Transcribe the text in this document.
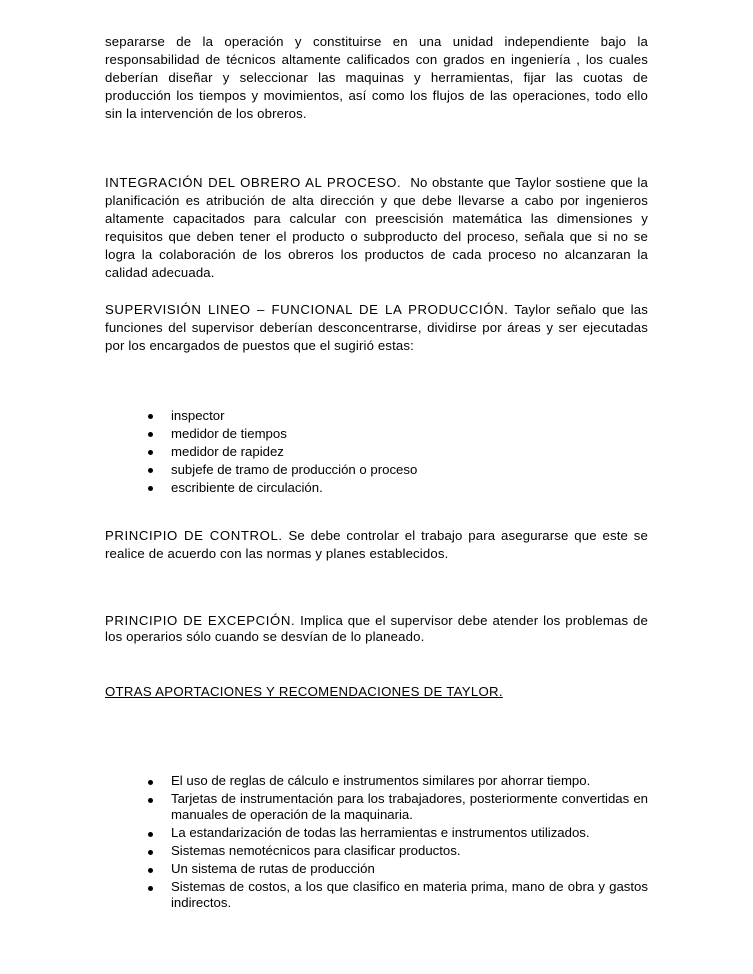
separarse de la operación y constituirse en una unidad independiente bajo la responsabilidad de técnicos altamente calificados con grados en ingeniería , los cuales deberían diseñar y seleccionar las maquinas y herramientas, fijar las cuotas de producción los tiempos y movimientos, así como los flujos de las operaciones, todo ello sin la intervención de los obreros.

INTEGRACIÓN DEL OBRERO AL PROCESO.  No obstante que Taylor sostiene que la planificación es atribución de alta dirección y que debe llevarse a cabo por ingenieros altamente capacitados para calcular con preescisión matemática las dimensiones y requisitos que deben tener el producto o subproducto del proceso, señala que si no se logra la colaboración de los obreros los productos de cada proceso no alcanzaran la calidad adecuada.

SUPERVISIÓN LINEO – FUNCIONAL DE LA PRODUCCIÓN. Taylor señalo que las funciones del supervisor deberían desconcentrarse, dividirse por áreas y ser ejecutadas por los encargados de puestos que el sugirió estas:

inspector
medidor de tiempos
medidor de rapidez
subjefe de tramo de producción o proceso
escribiente de circulación.

PRINCIPIO DE CONTROL. Se debe controlar el trabajo para asegurarse que este se realice de acuerdo con las normas y planes establecidos.

PRINCIPIO DE EXCEPCIÓN. Implica que el supervisor debe atender los problemas de los operarios sólo cuando se desvían de lo planeado.

OTRAS APORTACIONES Y RECOMENDACIONES DE TAYLOR.

El uso de reglas de cálculo e instrumentos similares por ahorrar tiempo.
Tarjetas de instrumentación para los trabajadores, posteriormente convertidas en manuales de operación de la maquinaria.
La estandarización de todas las herramientas e instrumentos utilizados.
Sistemas nemotécnicos para clasificar productos.
Un sistema de rutas de producción
Sistemas de costos, a los que clasifico en materia prima, mano de obra y gastos indirectos.
